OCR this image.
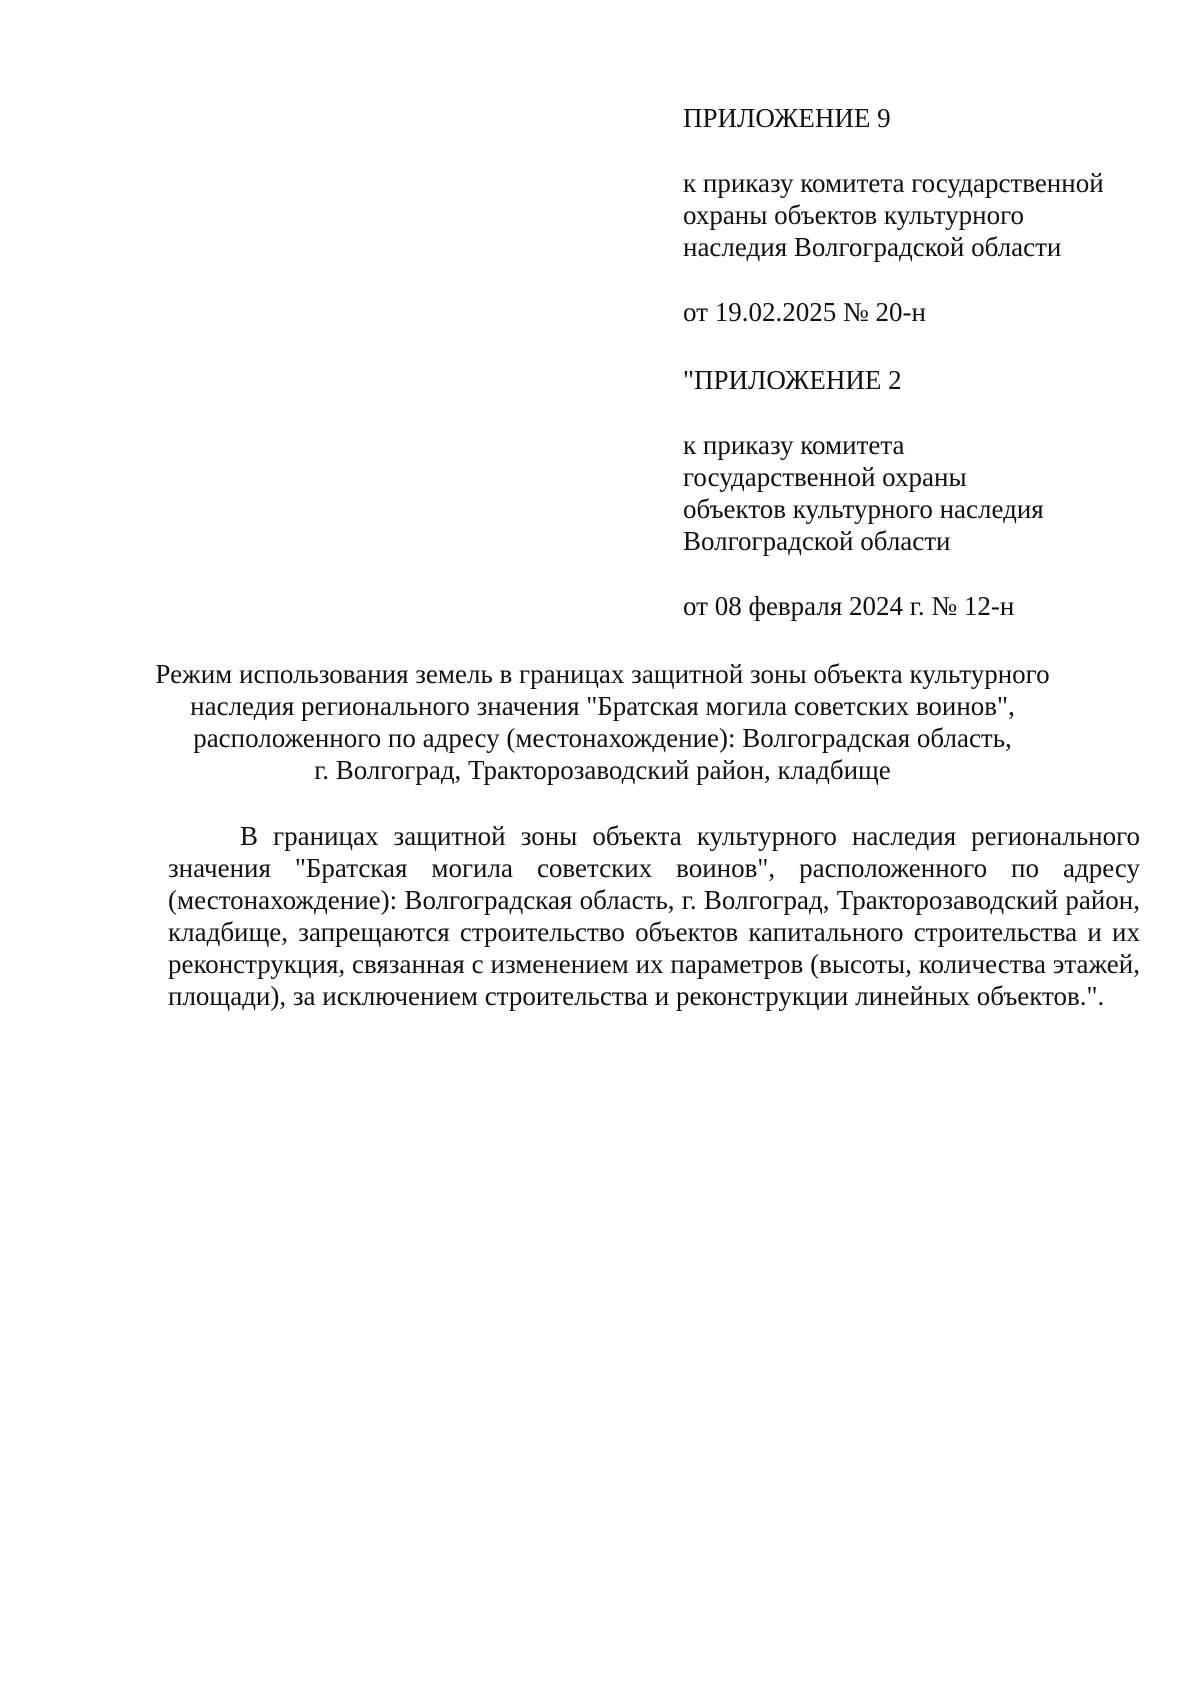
ПРИЛОЖЕНИЕ 9

к приказу комитета государственной

охраны объектов культурного

наследия Волгоградской области

от 19.02.2025 № 20-н

"ПРИЛОЖЕНИЕ 2

к приказу комитета

государственной охраны

объектов культурного наследия

Волгоградской области

от 08 февраля 2024 г. № 12-н

Режим использования земель в границах защитной зоны объекта культурного

наследия регионального значения "Братская могила советских воинов",

расположенного по адресу (местонахождение): Волгоградская область,

г. Волгоград, Тракторозаводский район, кладбище

В границах защитной зоны объекта культурного наследия регионального значения "Братская могила советских воинов", расположенного по адресу (местонахождение): Волгоградская область, г. Волгоград, Тракторозаводский район, кладбище, запрещаются строительство объектов капитального строительства и их реконструкция, связанная с изменением их параметров (высоты, количества этажей, площади), за исключением строительства и реконструкции линейных объектов.".
